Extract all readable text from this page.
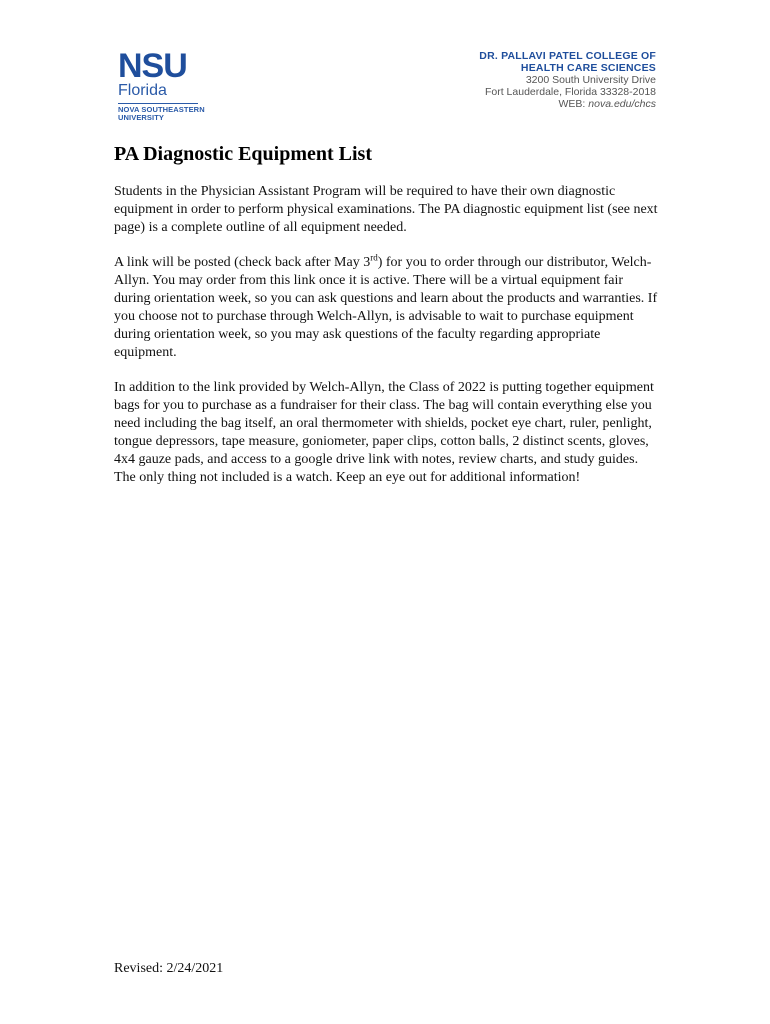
NSU
Florida
NOVA SOUTHEASTERN
UNIVERSITY
DR. PALLAVI PATEL COLLEGE OF
HEALTH CARE SCIENCES
3200 South University Drive
Fort Lauderdale, Florida 33328-2018
WEB: nova.edu/chcs
PA Diagnostic Equipment List

Students in the Physician Assistant Program will be required to have their own diagnostic equipment in order to perform physical examinations. The PA diagnostic equipment list (see next page) is a complete outline of all equipment needed.

A link will be posted (check back after May 3rd) for you to order through our distributor, Welch-Allyn. You may order from this link once it is active. There will be a virtual equipment fair during orientation week, so you can ask questions and learn about the products and warranties. If you choose not to purchase through Welch-Allyn, is advisable to wait to purchase equipment during orientation week, so you may ask questions of the faculty regarding appropriate equipment.

In addition to the link provided by Welch-Allyn, the Class of 2022 is putting together equipment bags for you to purchase as a fundraiser for their class. The bag will contain everything else you need including the bag itself, an oral thermometer with shields, pocket eye chart, ruler, penlight, tongue depressors, tape measure, goniometer, paper clips, cotton balls, 2 distinct scents, gloves, 4x4 gauze pads, and access to a google drive link with notes, review charts, and study guides. The only thing not included is a watch. Keep an eye out for additional information!

Revised: 2/24/2021
